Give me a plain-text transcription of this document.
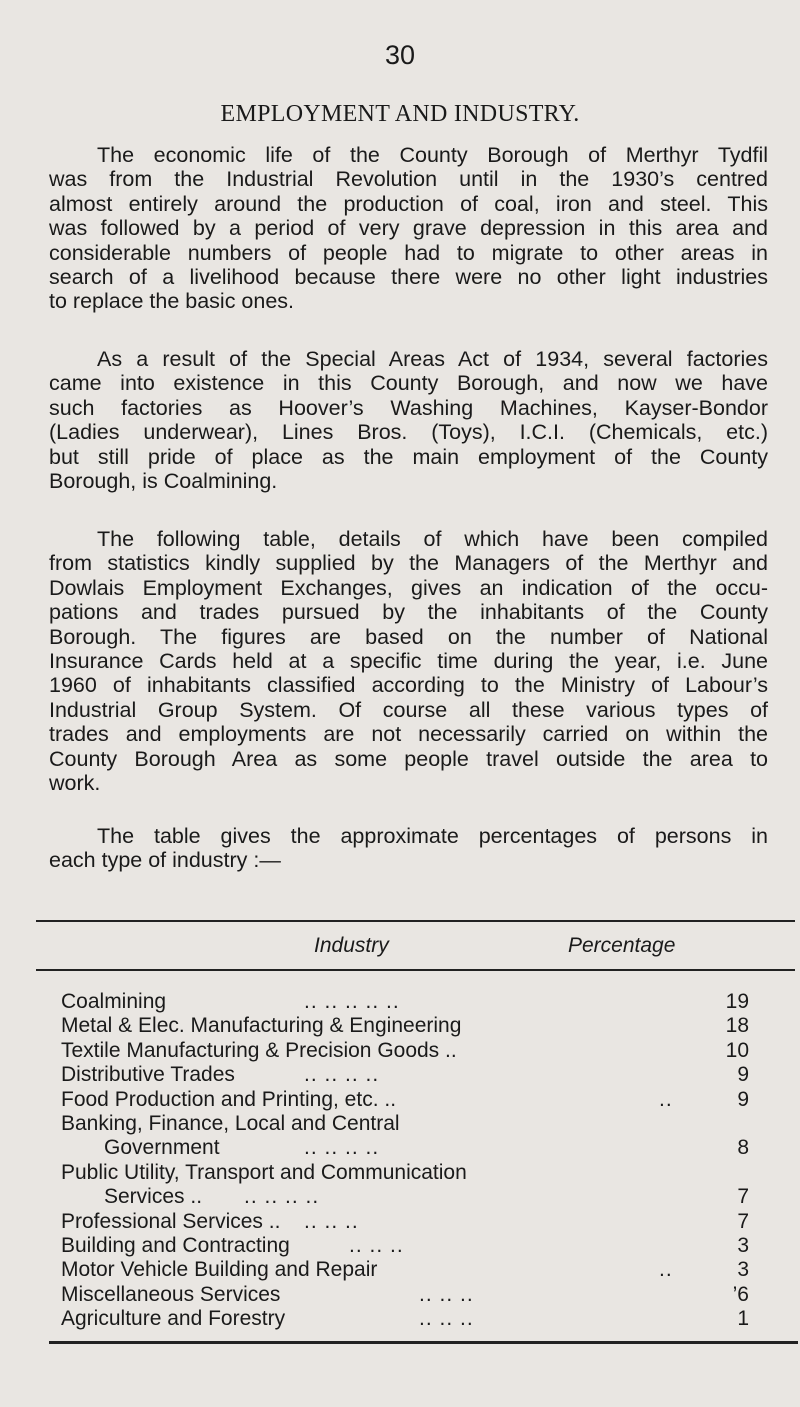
30
EMPLOYMENT AND INDUSTRY.
The economic life of the County Borough of Merthyr Tydfil
was from the Industrial Revolution until in the 1930’s centred
almost entirely around the production of coal, iron and steel. This
was followed by a period of very grave depression in this area and
considerable numbers of people had to migrate to other areas in
search of a livelihood because there were no other light industries
to replace the basic ones.
As a result of the Special Areas Act of 1934, several factories
came into existence in this County Borough, and now we have
such factories as Hoover’s Washing Machines, Kayser-Bondor
(Ladies underwear), Lines Bros. (Toys), I.C.I. (Chemicals, etc.)
but still pride of place as the main employment of the County
Borough, is Coalmining.
The following table, details of which have been compiled
from statistics kindly supplied by the Managers of the Merthyr and
Dowlais Employment Exchanges, gives an indication of the occu-
pations and trades pursued by the inhabitants of the County
Borough. The figures are based on the number of National
Insurance Cards held at a specific time during the year, i.e. June
1960 of inhabitants classified according to the Ministry of Labour’s
Industrial Group System. Of course all these various types of
trades and employments are not necessarily carried on within the
County Borough Area as some people travel outside the area to
work.
The table gives the approximate percentages of persons in
each type of industry :—
Industry	Percentage
Coalmining	.. .. .. .. ..	19
Metal & Elec. Manufacturing & Engineering	18
Textile Manufacturing & Precision Goods ..	10
Distributive Trades	.. .. .. ..	9
Food Production and Printing, etc. ..	..	9
Banking, Finance, Local and Central
Government	.. .. .. ..	8
Public Utility, Transport and Communication
Services .. .. .. .. ..	7
Professional Services .. .. .. ..	7
Building and Contracting	.. .. ..	3
Motor Vehicle Building and Repair	..	3
Miscellaneous Services	.. .. ..	’6
Agriculture and Forestry	.. .. ..	1
